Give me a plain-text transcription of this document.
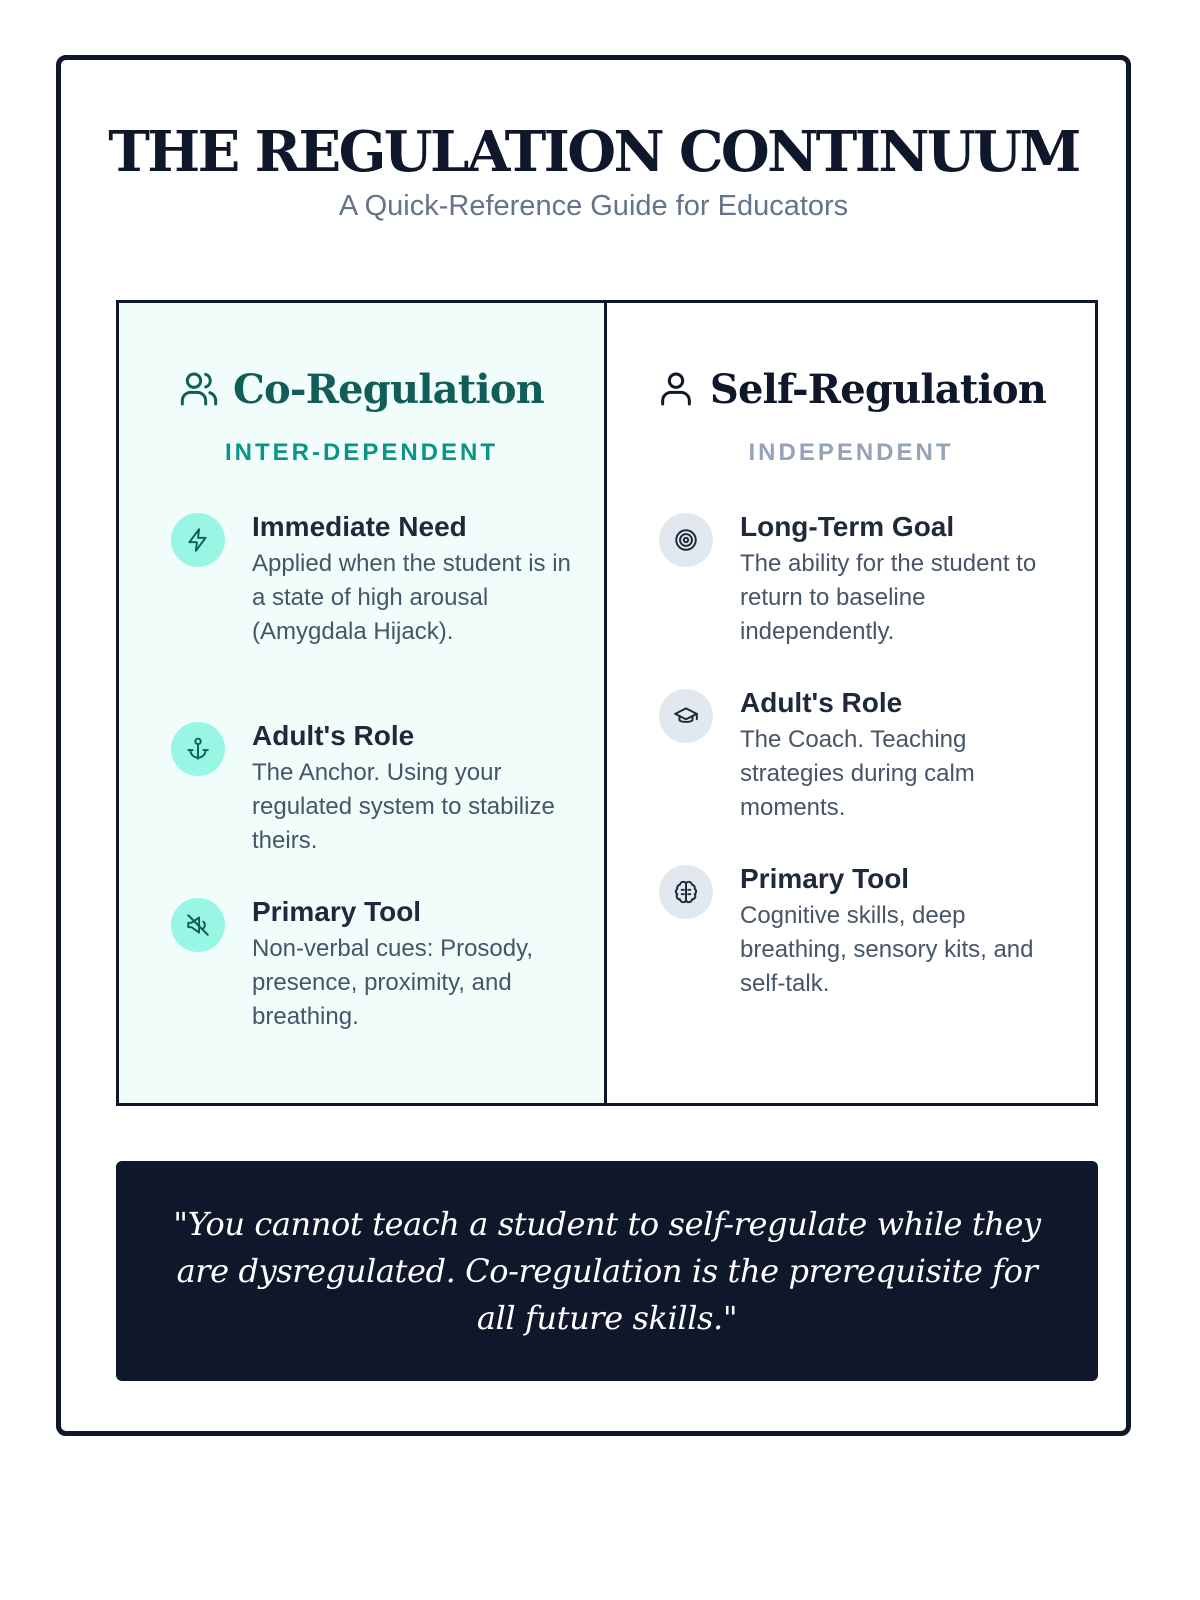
THE REGULATION CONTINUUM
A Quick-Reference Guide for Educators
Co-Regulation
INTER-DEPENDENT
Immediate Need
Applied when the student is in a state of high arousal (Amygdala Hijack).
Adult's Role
The Anchor. Using your regulated system to stabilize theirs.
Primary Tool
Non-verbal cues: Prosody, presence, proximity, and breathing.
Self-Regulation
INDEPENDENT
Long-Term Goal
The ability for the student to return to baseline independently.
Adult's Role
The Coach. Teaching strategies during calm moments.
Primary Tool
Cognitive skills, deep breathing, sensory kits, and self-talk.
"You cannot teach a student to self-regulate while they are dysregulated. Co-regulation is the prerequisite for all future skills."
